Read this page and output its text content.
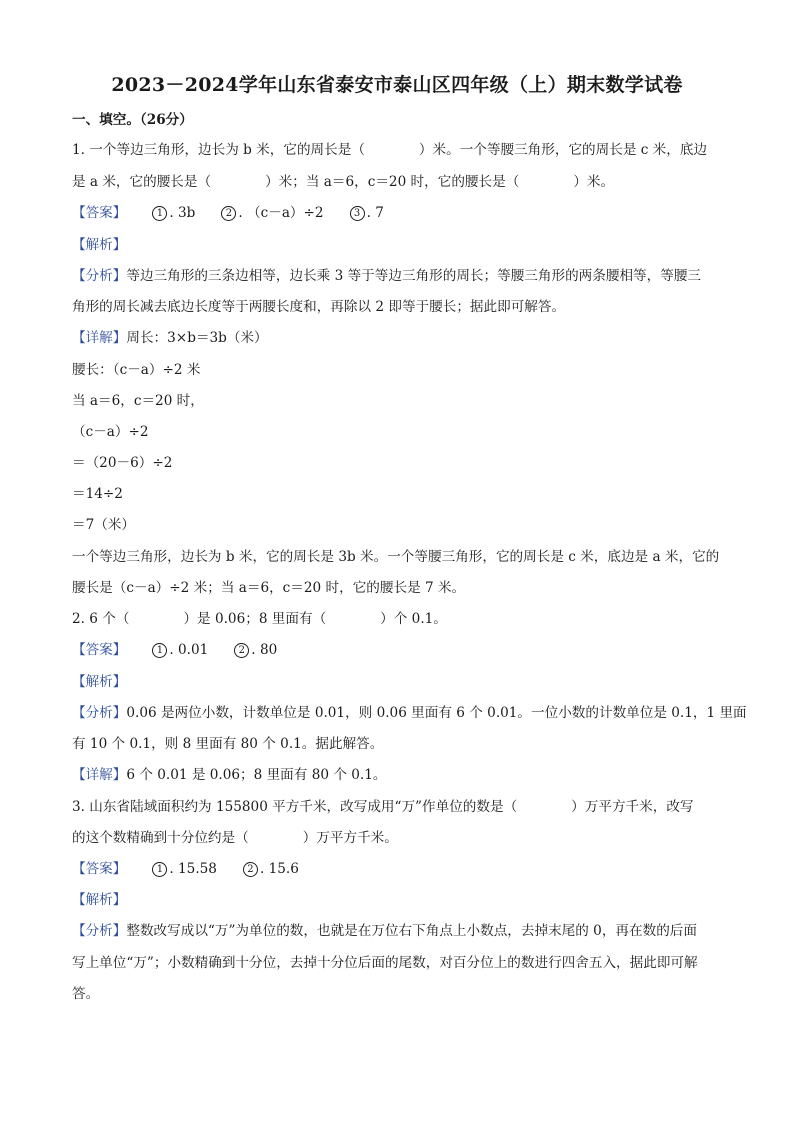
2023－2024学年山东省泰安市泰山区四年级（上）期末数学试卷
一、填空。（26分）
1. 一个等边三角形，边长为 b 米，它的周长是（	）米。一个等腰三角形，它的周长是 c 米，底边
是 a 米，它的腰长是（	）米；当 a＝6，c＝20 时，它的腰长是（	）米。
【答案】	1 . 3b	2 . （c－a）÷2	3 . 7
【解析】
【分析】等边三角形的三条边相等，边长乘 3 等于等边三角形的周长；等腰三角形的两条腰相等，等腰三
角形的周长减去底边长度等于两腰长度和，再除以 2 即等于腰长；据此即可解答。
【详解】周长：3×b＝3b（米）
腰长：（c－a）÷2 米
当 a＝6，c＝20 时，
（c－a）÷2
＝（20－6）÷2
＝14÷2
＝7（米）
一个等边三角形，边长为 b 米，它的周长是 3b 米。一个等腰三角形，它的周长是 c 米，底边是 a 米，它的
腰长是（c－a）÷2 米；当 a＝6，c＝20 时，它的腰长是 7 米。
2. 6 个（	）是 0.06；8 里面有（	）个 0.1。
【答案】	1 . 0.01	2 . 80
【解析】
【分析】0.06 是两位小数，计数单位是 0.01，则 0.06 里面有 6 个 0.01。一位小数的计数单位是 0.1，1 里面
有 10 个 0.1，则 8 里面有 80 个 0.1。据此解答。
【详解】6 个 0.01 是 0.06；8 里面有 80 个 0.1。
3. 山东省陆域面积约为 155800 平方千米，改写成用“万”作单位的数是（	）万平方千米，改写
的这个数精确到十分位约是（	）万平方千米。
【答案】	1 . 15.58	2 . 15.6
【解析】
【分析】整数改写成以“万”为单位的数，也就是在万位右下角点上小数点，去掉末尾的 0，再在数的后面
写上单位“万”；小数精确到十分位，去掉十分位后面的尾数，对百分位上的数进行四舍五入，据此即可解
答。
